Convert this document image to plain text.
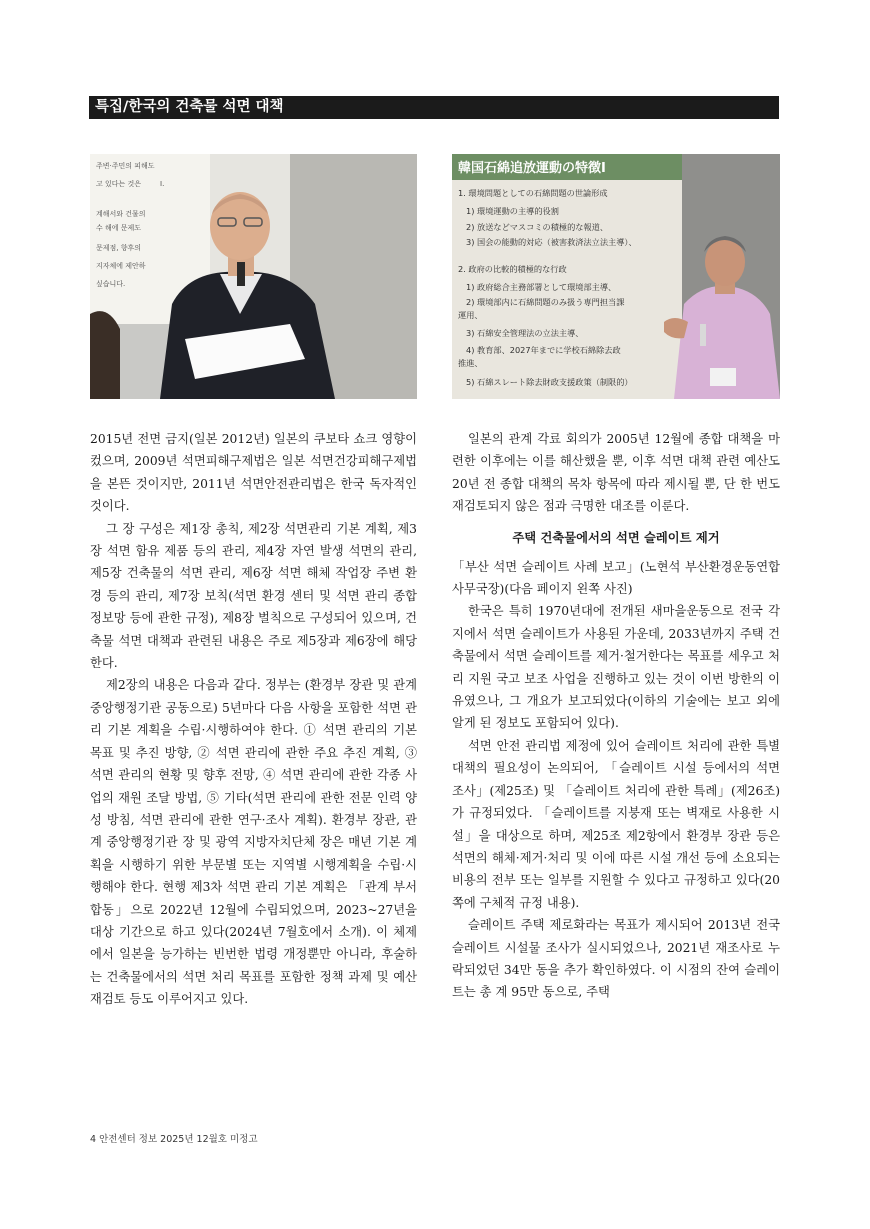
특집/한국의 건축물 석면 대책
주변·주민의 피해도
고 있다는 것은	I.
계해서와 건물의
수 해에 문제도
문제점, 향후의
지자체에 제안하
싶습니다.
韓国石綿追放運動の特徴Ⅰ
1. 環境問題としての石綿問題の世論形成
1) 環境運動の主導的役割
2) 放送などマスコミの積極的な報道、
3) 国会の能動的対応（被害救済法立法主導）、
2. 政府の比較的積極的な行政
1) 政府総合主務部署として環境部主導、
2) 環境部内に石綿問題のみ扱う専門担当課
運用、
3) 石綿安全管理法の立法主導、
4) 教育部、2027年までに学校石綿除去政
推進、
5) 石綿スレート除去財政支援政策（制限的）

2015년 전면 금지(일본 2012년) 일본의 쿠보타 쇼크 영향이 컸으며, 2009년 석면피해구제법은 일본 석면건강피해구제법을 본뜬 것이지만, 2011년 석면안전관리법은 한국 독자적인 것이다.

그 장 구성은 제1장 총칙, 제2장 석면관리 기본 계획, 제3장 석면 함유 제품 등의 관리, 제4장 자연 발생 석면의 관리, 제5장 건축물의 석면 관리, 제6장 석면 해체 작업장 주변 환경 등의 관리, 제7장 보칙(석면 환경 센터 및 석면 관리 종합 정보망 등에 관한 규정), 제8장 벌칙으로 구성되어 있으며, 건축물 석면 대책과 관련된 내용은 주로 제5장과 제6장에 해당한다.

제2장의 내용은 다음과 같다. 정부는 (환경부 장관 및 관계 중앙행정기관 공동으로) 5년마다 다음 사항을 포함한 석면 관리 기본 계획을 수립·시행하여야 한다. ① 석면 관리의 기본 목표 및 추진 방향, ② 석면 관리에 관한 주요 추진 계획, ③ 석면 관리의 현황 및 향후 전망, ④ 석면 관리에 관한 각종 사업의 재원 조달 방법, ⑤ 기타(석면 관리에 관한 전문 인력 양성 방침, 석면 관리에 관한 연구·조사 계획). 환경부 장관, 관계 중앙행정기관 장 및 광역 지방자치단체 장은 매년 기본 계획을 시행하기 위한 부문별 또는 지역별 시행계획을 수립·시행해야 한다. 현행 제3차 석면 관리 기본 계획은 「관계 부서 합동」으로 2022년 12월에 수립되었으며, 2023~27년을 대상 기간으로 하고 있다(2024년 7월호에서 소개). 이 체제에서 일본을 능가하는 빈번한 법령 개정뿐만 아니라, 후술하는 건축물에서의 석면 처리 목표를 포함한 정책 과제 및 예산 재검토 등도 이루어지고 있다.

일본의 관계 각료 회의가 2005년 12월에 종합 대책을 마련한 이후에는 이를 해산했을 뿐, 이후 석면 대책 관련 예산도 20년 전 종합 대책의 목차 항목에 따라 제시될 뿐, 단 한 번도 재검토되지 않은 점과 극명한 대조를 이룬다.

주택 건축물에서의 석면 슬레이트 제거

「부산 석면 슬레이트 사례 보고」(노현석 부산환경운동연합 사무국장)(다음 페이지 왼쪽 사진)

한국은 특히 1970년대에 전개된 새마을운동으로 전국 각지에서 석면 슬레이트가 사용된 가운데, 2033년까지 주택 건축물에서 석면 슬레이트를 제거·철거한다는 목표를 세우고 처리 지원 국고 보조 사업을 진행하고 있는 것이 이번 방한의 이유였으나, 그 개요가 보고되었다(이하의 기술에는 보고 외에 알게 된 정보도 포함되어 있다).

석면 안전 관리법 제정에 있어 슬레이트 처리에 관한 특별 대책의 필요성이 논의되어, 「슬레이트 시설 등에서의 석면 조사」(제25조) 및 「슬레이트 처리에 관한 특례」(제26조)가 규정되었다. 「슬레이트를 지붕재 또는 벽재로 사용한 시설」을 대상으로 하며, 제25조 제2항에서 환경부 장관 등은 석면의 해체·제거·처리 및 이에 따른 시설 개선 등에 소요되는 비용의 전부 또는 일부를 지원할 수 있다고 규정하고 있다(20쪽에 구체적 규정 내용).

슬레이트 주택 제로화라는 목표가 제시되어 2013년 전국 슬레이트 시설물 조사가 실시되었으나, 2021년 재조사로 누락되었던 34만 동을 추가 확인하였다. 이 시점의 잔여 슬레이트는 총 계 95만 동으로, 주택

4 안전센터 정보 2025년 12월호 미정고
